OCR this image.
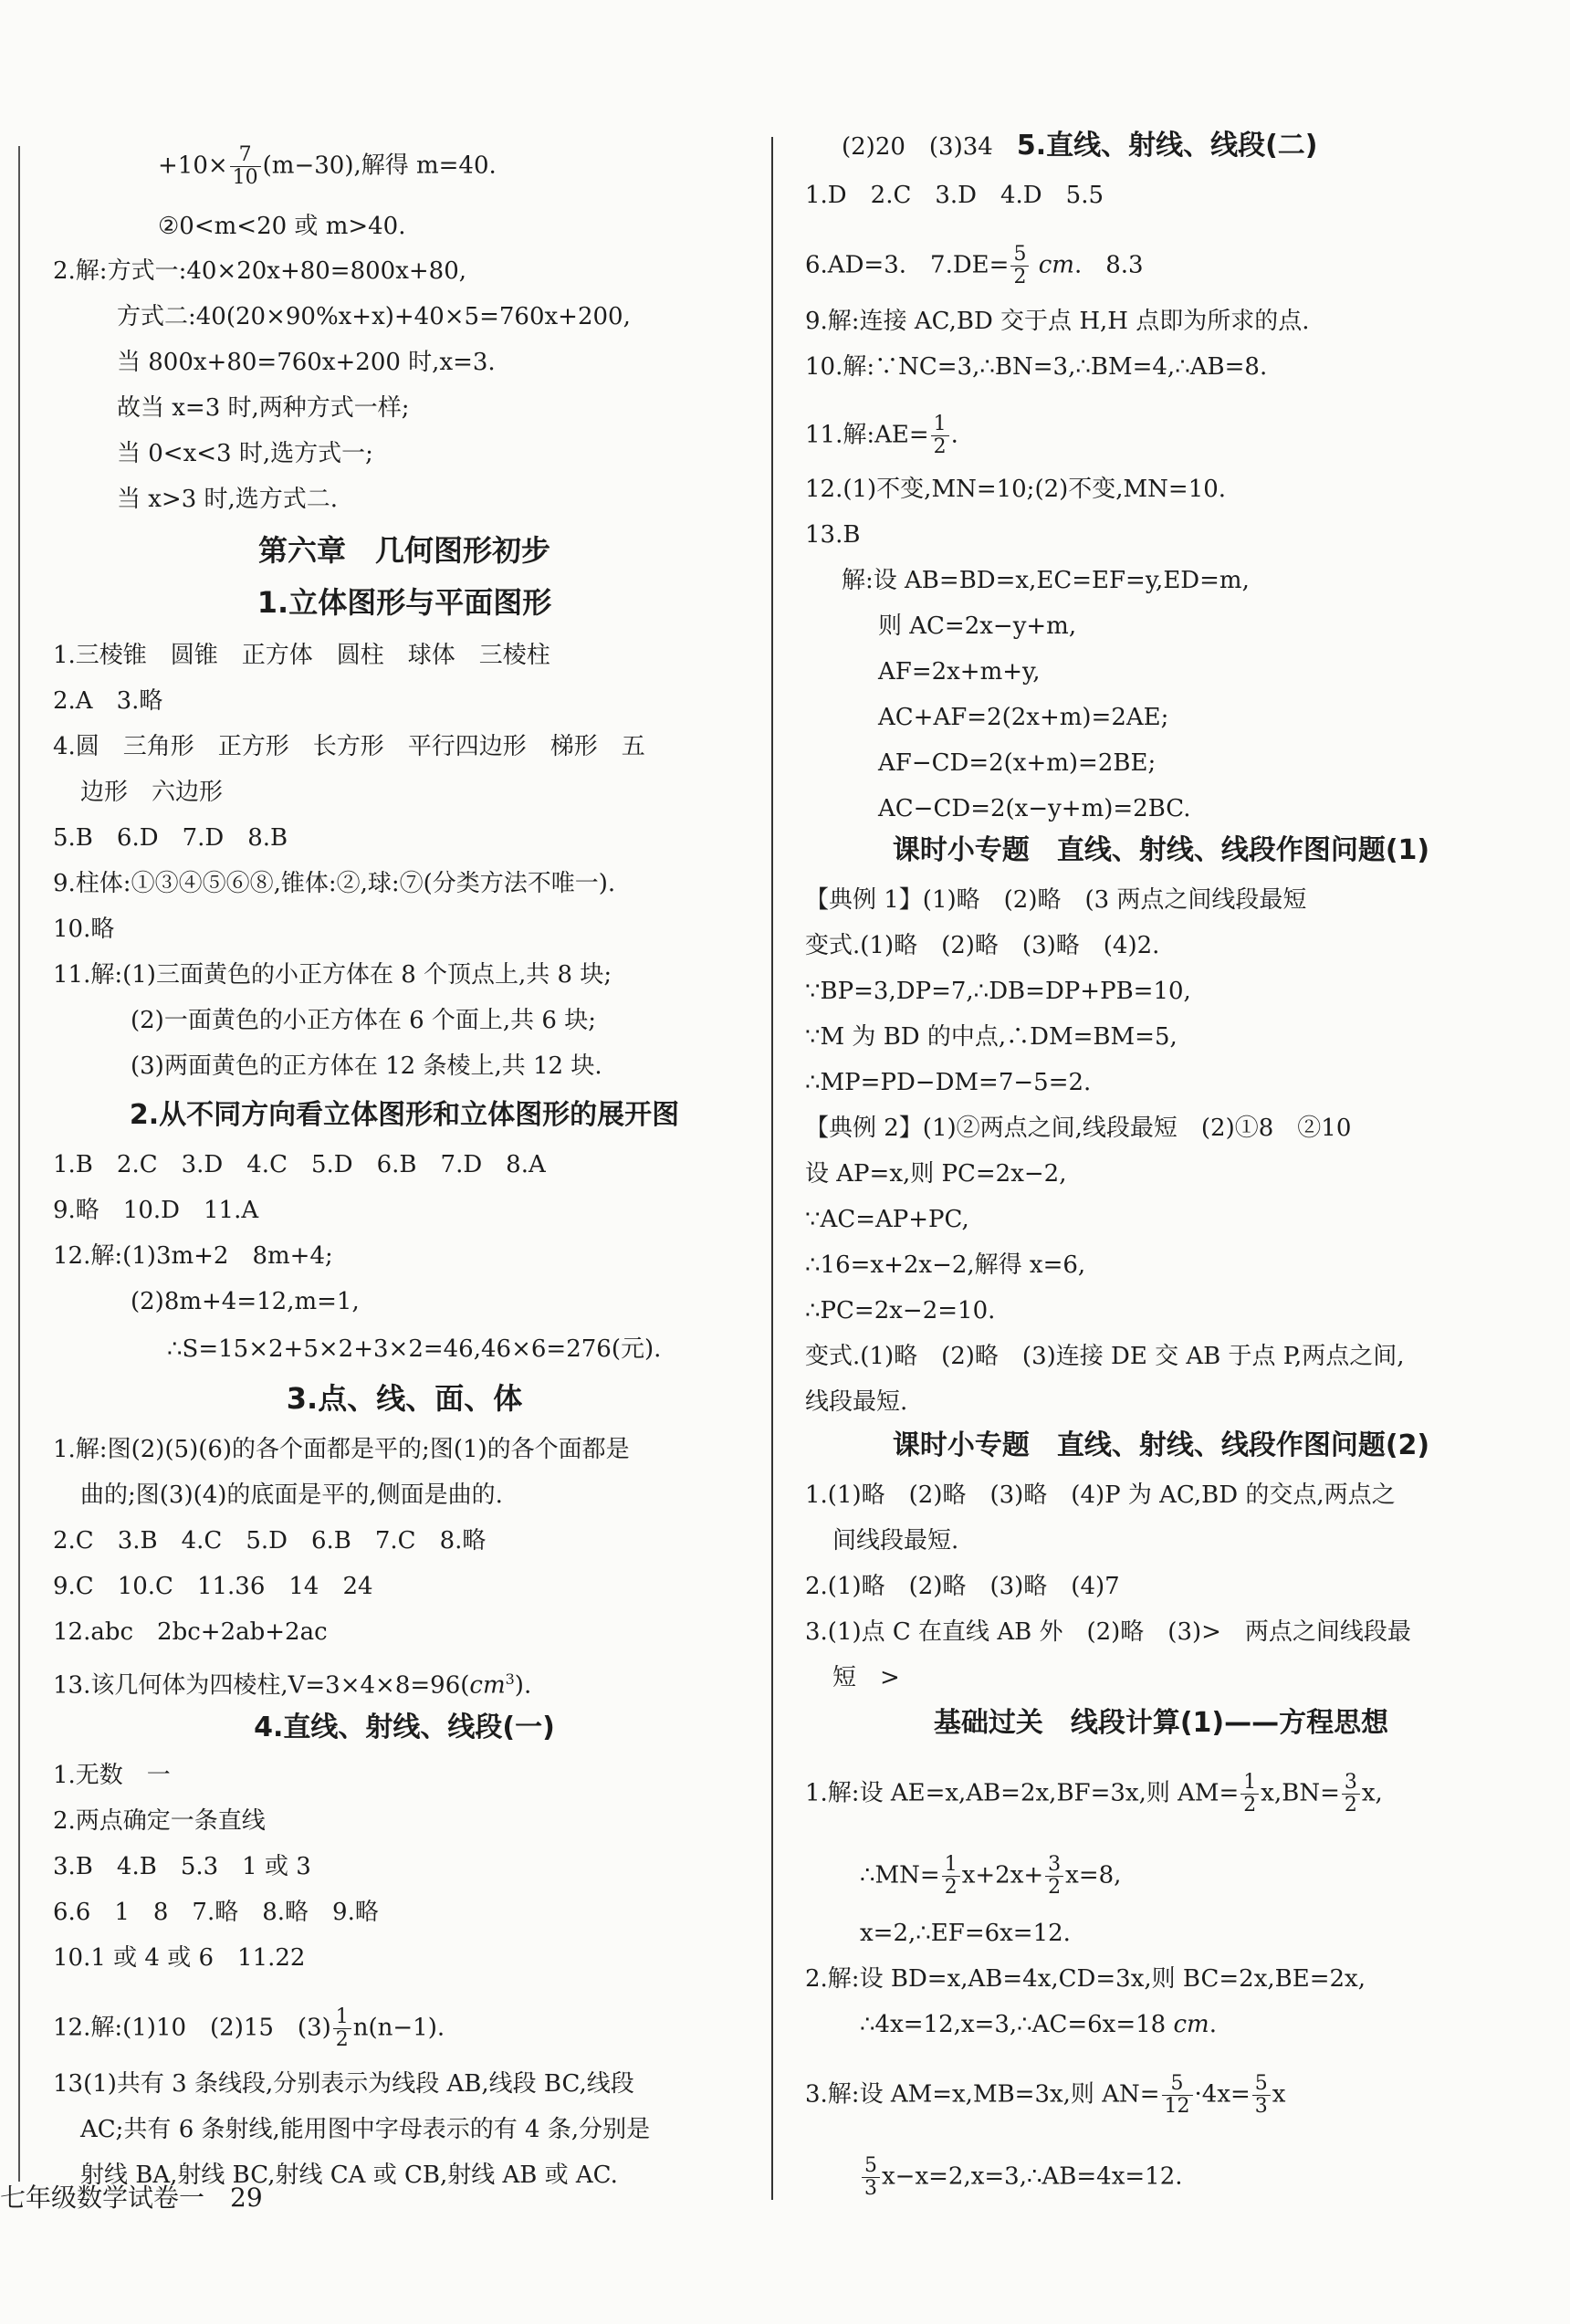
$+10\times \frac{7}{10} (m-30)$,解得 m=40.
②0<m<20 或 m>40.
2.解:方式一:40×20x+80=800x+80,
方式二:40(20×90%x+x)+40×5=760x+200,
当 800x+80=760x+200 时,x=3.
故当 x=3 时,两种方式一样;
当 0<x<3 时,选方式一;
当 x>3 时,选方式二.
第六章　几何图形初步
1.立体图形与平面图形
1.三棱锥　圆锥　正方体　圆柱　球体　三棱柱
2.A　3.略
4.圆　三角形　正方形　长方形　平行四边形　梯形　五
边形　六边形
5.B　6.D　7.D　8.B
9.柱体:①③④⑤⑥⑧,锥体:②,球:⑦(分类方法不唯一).
10.略
11.解:(1)三面黄色的小正方体在 8 个顶点上,共 8 块;
(2)一面黄色的小正方体在 6 个面上,共 6 块;
(3)两面黄色的正方体在 12 条棱上,共 12 块.
2.从不同方向看立体图形和立体图形的展开图
1.B　2.C　3.D　4.C　5.D　6.B　7.D　8.A
9.略　10.D　11.A
12.解:(1)3m+2　8m+4;
(2)8m+4=12,m=1,
∴S=15×2+5×2+3×2=46,46×6=276(元).
3.点、线、面、体
1.解:图(2)(5)(6)的各个面都是平的;图(1)的各个面都是
曲的;图(3)(4)的底面是平的,侧面是曲的.
2.C　3.B　4.C　5.D　6.B　7.C　8.略
9.C　10.C　11.36　14　24
12.abc　2bc+2ab+2ac
13.该几何体为四棱柱$,V=3\times 4\times 8=96(cm^3)$.
4.直线、射线、线段(一)
1.无数　一
2.两点确定一条直线
3.B　4.B　5.3　1 或 3
6.6　1　8　7.略　8.略　9.略
10.1 或 4 或 6　11.22
12.解:(1)10　(2)15　$(3) \frac{1}{2} n(n-1)$.
13(1)共有 3 条线段,分别表示为线段 AB,线段 BC,线段
AC;共有 6 条射线,能用图中字母表示的有 4 条,分别是
射线 BA,射线 BC,射线 CA 或 CB,射线 AB 或 AC.
(2)20　(3)34　5.直线、射线、线段(二)
1.D　2.C　3.D　4.D　5.5
6.AD=3.　$7.DE= \frac{5}{2}$ cm.　8.3
9.解:连接 AC,BD 交于点 H,H 点即为所求的点.
10.解:∵NC=3,∴BN=3,∴BM=4,∴AB=8.
11.解:AE= $\frac{1}{2}$ .
12.(1)不变,MN=10;(2)不变,MN=10.
13.B
解:设 AB=BD=x,EC=EF=y,ED=m,
则 AC=2x−y+m,
AF=2x+m+y,
AC+AF=2(2x+m)=2AE;
AF−CD=2(x+m)=2BE;
AC−CD=2(x−y+m)=2BC.
课时小专题　直线、射线、线段作图问题(1)
【典例 1】(1)略　(2)略　(3 两点之间线段最短
变式.(1)略　(2)略　(3)略　(4)2.
∵BP=3,DP=7,∴DB=DP+PB=10,
∵M 为 BD 的中点,∴DM=BM=5,
∴MP=PD−DM=7−5=2.
【典例 2】(1)②两点之间,线段最短　(2)①8　②10
设 AP=x,则 PC=2x−2,
∵AC=AP+PC,
∴16=x+2x−2,解得 x=6,
∴PC=2x−2=10.
变式.(1)略　(2)略　(3)连接 DE 交 AB 于点 P,两点之间,
线段最短.
课时小专题　直线、射线、线段作图问题(2)
1.(1)略　(2)略　(3)略　(4)P 为 AC,BD 的交点,两点之
间线段最短.
2.(1)略　(2)略　(3)略　(4)7
3.(1)点 C 在直线 AB 外　(2)略　(3)>　两点之间线段最
短　>
基础过关　线段计算(1)——方程思想
1.解:设 AE=x,AB=2x,BF=3x,则 $AM= \frac{1}{2} x,BN= \frac{3}{2} x$,
∴MN= $\frac{1}{2} x+2x+ \frac{3}{2} x=8$,
x=2,∴EF=6x=12.
2.解:设 BD=x,AB=4x,CD=3x,则 BC=2x,BE=2x,
∴4x=12,x=3,∴AC=6x=18 cm.
3.解:设 AM=x,MB=3x,则 $AN= \frac{5}{12} \cdot 4x= \frac{5}{3}$ x
$\frac{5}{3}$ x−x=2,x=3,∴AB=4x=12.
七年级数学试卷一　29
